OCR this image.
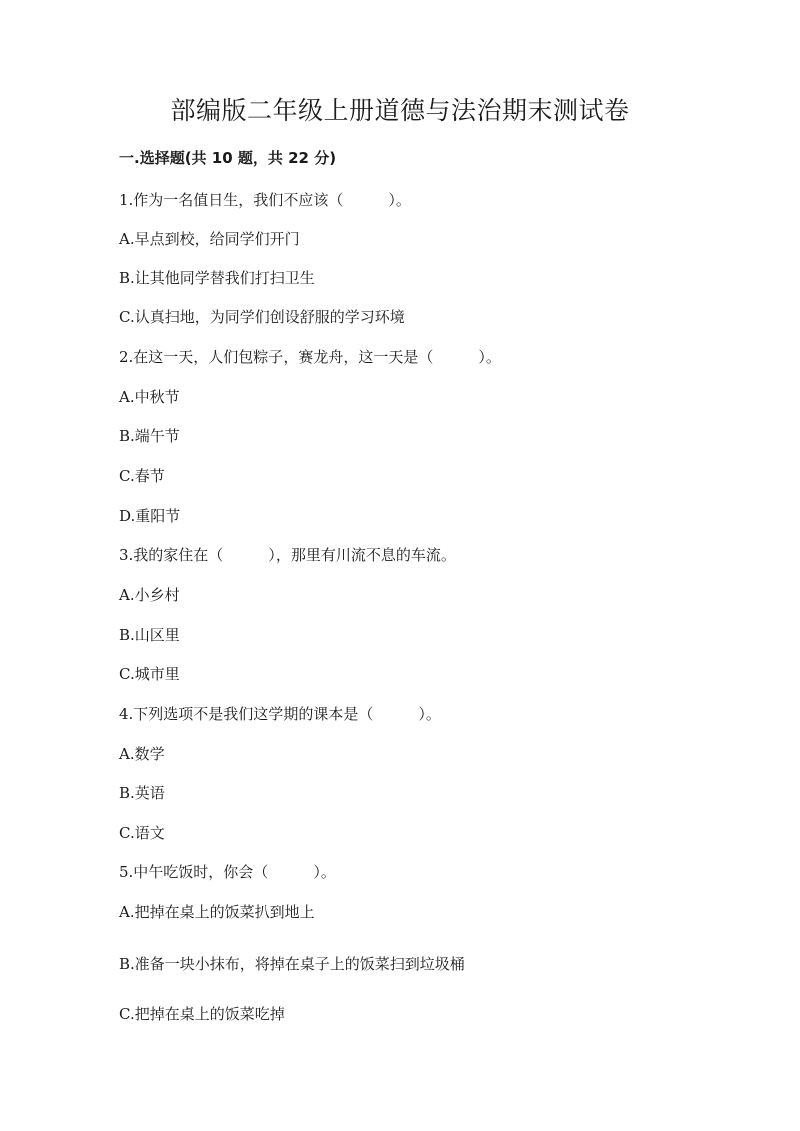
部编版二年级上册道德与法治期末测试卷
一.选择题(共 10 题，共 22 分)
1.作为一名值日生，我们不应该（　　　）。
A.早点到校，给同学们开门
B.让其他同学替我们打扫卫生
C.认真扫地，为同学们创设舒服的学习环境
2.在这一天，人们包粽子，赛龙舟，这一天是（　　　）。
A.中秋节
B.端午节
C.春节
D.重阳节
3.我的家住在（　　　），那里有川流不息的车流。
A.小乡村
B.山区里
C.城市里
4.下列选项不是我们这学期的课本是（　　　）。
A.数学
B.英语
C.语文
5.中午吃饭时，你会（　　　）。
A.把掉在桌上的饭菜扒到地上
B.准备一块小抹布，将掉在桌子上的饭菜扫到垃圾桶
C.把掉在桌上的饭菜吃掉
